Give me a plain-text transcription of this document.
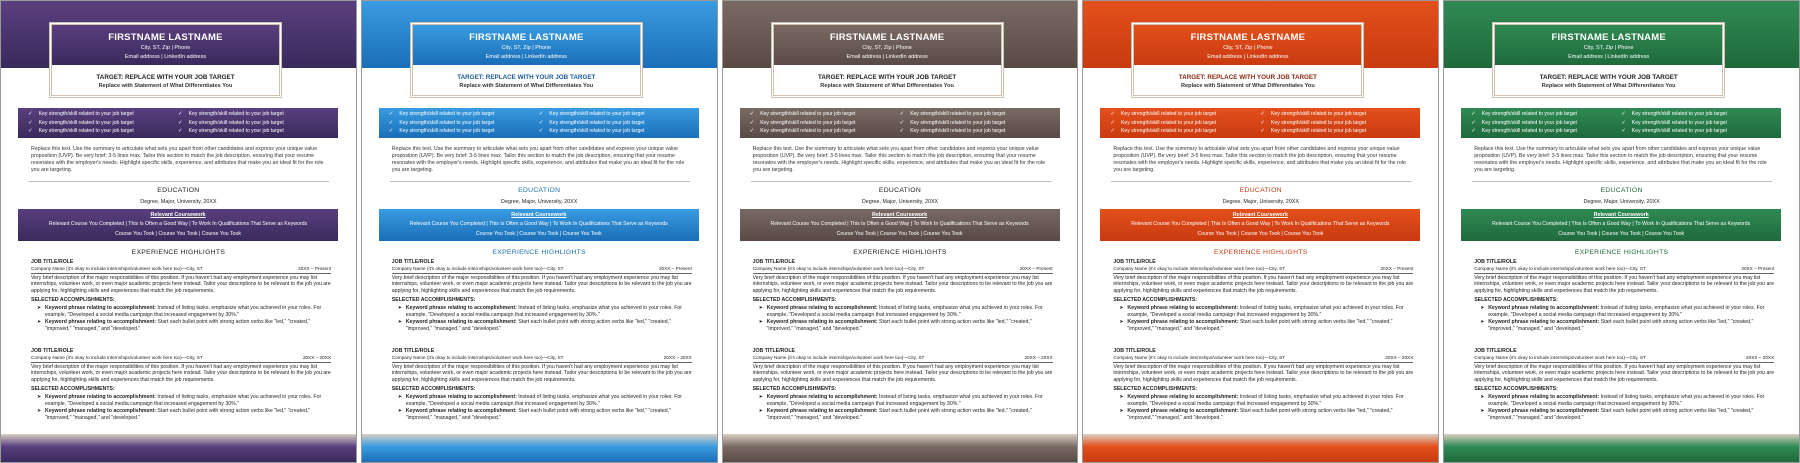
FIRSTNAME LASTNAME
City, ST, Zip | Phone
Email address | LinkedIn address
TARGET: REPLACE WITH YOUR JOB TARGET
Replace with Statement of What Differentiates You
✓ Key strength/skill related to your job target	✓ Key strength/skill related to your job target
✓ Key strength/skill related to your job target	✓ Key strength/skill related to your job target
✓ Key strength/skill related to your job target	✓ Key strength/skill related to your job target
Replace this text. Use the summary to articulate what sets you apart from other candidates and express your unique value proposition (UVP). Be very brief: 3-5 lines max. Tailor this section to match the job description, ensuring that your resume resonates with the employer's needs. Highlight specific skills, experience, and attributes that make you an ideal fit for the role you are targeting.
EDUCATION
Degree, Major, University, 20XX
Relevant Coursework
Relevant Course You Completed | This Is Often a Good Way | To Work In Qualifications That Serve as Keywords
Course You Took | Course You Took | Course You Took
EXPERIENCE HIGHLIGHTS
JOB TITLE/ROLE
Company Name (it's okay to include internships/volunteer work here too)—City, ST	20XX – Present
Very brief description of the major responsibilities of this position. If you haven't had any employment experience you may list internships, volunteer work, or even major academic projects here instead. Tailor your descriptions to be relevant to the job you are applying for, highlighting skills and experiences that match the job requirements.
SELECTED ACCOMPLISHMENTS:
➤ Keyword phrase relating to accomplishment: Instead of listing tasks, emphasize what you achieved in your roles. For example, "Developed a social media campaign that increased engagement by 30%."
➤ Keyword phrase relating to accomplishment: Start each bullet point with strong action verbs like "led," "created," "improved," "managed," and "developed."
JOB TITLE/ROLE
Company Name (it's okay to include internships/volunteer work here too)—City, ST	20XX – 20XX
Very brief description of the major responsibilities of this position. If you haven't had any employment experience you may list internships, volunteer work, or even major academic projects here instead. Tailor your descriptions to be relevant to the job you are applying for, highlighting skills and experiences that match the job requirements.
SELECTED ACCOMPLISHMENTS:
➤ Keyword phrase relating to accomplishment: Instead of listing tasks, emphasize what you achieved in your roles. For example, "Developed a social media campaign that increased engagement by 30%."
➤ Keyword phrase relating to accomplishment: Start each bullet point with strong action verbs like "led," "created," "improved," "managed," and "developed."
FIRSTNAME LASTNAME
City, ST, Zip | Phone
Email address | LinkedIn address
TARGET: REPLACE WITH YOUR JOB TARGET
Replace with Statement of What Differentiates You
✓ Key strength/skill related to your job target	✓ Key strength/skill related to your job target
✓ Key strength/skill related to your job target	✓ Key strength/skill related to your job target
✓ Key strength/skill related to your job target	✓ Key strength/skill related to your job target
Replace this text. Use the summary to articulate what sets you apart from other candidates and express your unique value proposition (UVP). Be very brief: 3-5 lines max. Tailor this section to match the job description, ensuring that your resume resonates with the employer's needs. Highlight specific skills, experience, and attributes that make you an ideal fit for the role you are targeting.
EDUCATION
Degree, Major, University, 20XX
Relevant Coursework
Relevant Course You Completed | This Is Often a Good Way | To Work In Qualifications That Serve as Keywords
Course You Took | Course You Took | Course You Took
EXPERIENCE HIGHLIGHTS
JOB TITLE/ROLE
Company Name (it's okay to include internships/volunteer work here too)—City, ST	20XX – Present
Very brief description of the major responsibilities of this position. If you haven't had any employment experience you may list internships, volunteer work, or even major academic projects here instead. Tailor your descriptions to be relevant to the job you are applying for, highlighting skills and experiences that match the job requirements.
SELECTED ACCOMPLISHMENTS:
➤ Keyword phrase relating to accomplishment: Instead of listing tasks, emphasize what you achieved in your roles. For example, "Developed a social media campaign that increased engagement by 30%."
➤ Keyword phrase relating to accomplishment: Start each bullet point with strong action verbs like "led," "created," "improved," "managed," and "developed."
JOB TITLE/ROLE
Company Name (it's okay to include internships/volunteer work here too)—City, ST	20XX – 20XX
Very brief description of the major responsibilities of this position. If you haven't had any employment experience you may list internships, volunteer work, or even major academic projects here instead. Tailor your descriptions to be relevant to the job you are applying for, highlighting skills and experiences that match the job requirements.
SELECTED ACCOMPLISHMENTS:
➤ Keyword phrase relating to accomplishment: Instead of listing tasks, emphasize what you achieved in your roles. For example, "Developed a social media campaign that increased engagement by 30%."
➤ Keyword phrase relating to accomplishment: Start each bullet point with strong action verbs like "led," "created," "improved," "managed," and "developed."
FIRSTNAME LASTNAME
City, ST, Zip | Phone
Email address | LinkedIn address
TARGET: REPLACE WITH YOUR JOB TARGET
Replace with Statement of What Differentiates You
✓ Key strength/skill related to your job target	✓ Key strength/skill related to your job target
✓ Key strength/skill related to your job target	✓ Key strength/skill related to your job target
✓ Key strength/skill related to your job target	✓ Key strength/skill related to your job target
Replace this text. Use the summary to articulate what sets you apart from other candidates and express your unique value proposition (UVP). Be very brief: 3-5 lines max. Tailor this section to match the job description, ensuring that your resume resonates with the employer's needs. Highlight specific skills, experience, and attributes that make you an ideal fit for the role you are targeting.
EDUCATION
Degree, Major, University, 20XX
Relevant Coursework
Relevant Course You Completed | This Is Often a Good Way | To Work In Qualifications That Serve as Keywords
Course You Took | Course You Took | Course You Took
EXPERIENCE HIGHLIGHTS
JOB TITLE/ROLE
Company Name (it's okay to include internships/volunteer work here too)—City, ST	20XX – Present
Very brief description of the major responsibilities of this position. If you haven't had any employment experience you may list internships, volunteer work, or even major academic projects here instead. Tailor your descriptions to be relevant to the job you are applying for, highlighting skills and experiences that match the job requirements.
SELECTED ACCOMPLISHMENTS:
➤ Keyword phrase relating to accomplishment: Instead of listing tasks, emphasize what you achieved in your roles. For example, "Developed a social media campaign that increased engagement by 30%."
➤ Keyword phrase relating to accomplishment: Start each bullet point with strong action verbs like "led," "created," "improved," "managed," and "developed."
JOB TITLE/ROLE
Company Name (it's okay to include internships/volunteer work here too)—City, ST	20XX – 20XX
Very brief description of the major responsibilities of this position. If you haven't had any employment experience you may list internships, volunteer work, or even major academic projects here instead. Tailor your descriptions to be relevant to the job you are applying for, highlighting skills and experiences that match the job requirements.
SELECTED ACCOMPLISHMENTS:
➤ Keyword phrase relating to accomplishment: Instead of listing tasks, emphasize what you achieved in your roles. For example, "Developed a social media campaign that increased engagement by 30%."
➤ Keyword phrase relating to accomplishment: Start each bullet point with strong action verbs like "led," "created," "improved," "managed," and "developed."
FIRSTNAME LASTNAME
City, ST, Zip | Phone
Email address | LinkedIn address
TARGET: REPLACE WITH YOUR JOB TARGET
Replace with Statement of What Differentiates You
✓ Key strength/skill related to your job target	✓ Key strength/skill related to your job target
✓ Key strength/skill related to your job target	✓ Key strength/skill related to your job target
✓ Key strength/skill related to your job target	✓ Key strength/skill related to your job target
Replace this text. Use the summary to articulate what sets you apart from other candidates and express your unique value proposition (UVP). Be very brief: 3-5 lines max. Tailor this section to match the job description, ensuring that your resume resonates with the employer's needs. Highlight specific skills, experience, and attributes that make you an ideal fit for the role you are targeting.
EDUCATION
Degree, Major, University, 20XX
Relevant Coursework
Relevant Course You Completed | This Is Often a Good Way | To Work In Qualifications That Serve as Keywords
Course You Took | Course You Took | Course You Took
EXPERIENCE HIGHLIGHTS
JOB TITLE/ROLE
Company Name (it's okay to include internships/volunteer work here too)—City, ST	20XX – Present
Very brief description of the major responsibilities of this position. If you haven't had any employment experience you may list internships, volunteer work, or even major academic projects here instead. Tailor your descriptions to be relevant to the job you are applying for, highlighting skills and experiences that match the job requirements.
SELECTED ACCOMPLISHMENTS:
➤ Keyword phrase relating to accomplishment: Instead of listing tasks, emphasize what you achieved in your roles. For example, "Developed a social media campaign that increased engagement by 30%."
➤ Keyword phrase relating to accomplishment: Start each bullet point with strong action verbs like "led," "created," "improved," "managed," and "developed."
JOB TITLE/ROLE
Company Name (it's okay to include internships/volunteer work here too)—City, ST	20XX – 20XX
Very brief description of the major responsibilities of this position. If you haven't had any employment experience you may list internships, volunteer work, or even major academic projects here instead. Tailor your descriptions to be relevant to the job you are applying for, highlighting skills and experiences that match the job requirements.
SELECTED ACCOMPLISHMENTS:
➤ Keyword phrase relating to accomplishment: Instead of listing tasks, emphasize what you achieved in your roles. For example, "Developed a social media campaign that increased engagement by 30%."
➤ Keyword phrase relating to accomplishment: Start each bullet point with strong action verbs like "led," "created," "improved," "managed," and "developed."
FIRSTNAME LASTNAME
City, ST, Zip | Phone
Email address | LinkedIn address
TARGET: REPLACE WITH YOUR JOB TARGET
Replace with Statement of What Differentiates You
✓ Key strength/skill related to your job target	✓ Key strength/skill related to your job target
✓ Key strength/skill related to your job target	✓ Key strength/skill related to your job target
✓ Key strength/skill related to your job target	✓ Key strength/skill related to your job target
Replace this text. Use the summary to articulate what sets you apart from other candidates and express your unique value proposition (UVP). Be very brief: 3-5 lines max. Tailor this section to match the job description, ensuring that your resume resonates with the employer's needs. Highlight specific skills, experience, and attributes that make you an ideal fit for the role you are targeting.
EDUCATION
Degree, Major, University, 20XX
Relevant Coursework
Relevant Course You Completed | This Is Often a Good Way | To Work In Qualifications That Serve as Keywords
Course You Took | Course You Took | Course You Took
EXPERIENCE HIGHLIGHTS
JOB TITLE/ROLE
Company Name (it's okay to include internships/volunteer work here too)—City, ST	20XX – Present
Very brief description of the major responsibilities of this position. If you haven't had any employment experience you may list internships, volunteer work, or even major academic projects here instead. Tailor your descriptions to be relevant to the job you are applying for, highlighting skills and experiences that match the job requirements.
SELECTED ACCOMPLISHMENTS:
➤ Keyword phrase relating to accomplishment: Instead of listing tasks, emphasize what you achieved in your roles. For example, "Developed a social media campaign that increased engagement by 30%."
➤ Keyword phrase relating to accomplishment: Start each bullet point with strong action verbs like "led," "created," "improved," "managed," and "developed."
JOB TITLE/ROLE
Company Name (it's okay to include internships/volunteer work here too)—City, ST	20XX – 20XX
Very brief description of the major responsibilities of this position. If you haven't had any employment experience you may list internships, volunteer work, or even major academic projects here instead. Tailor your descriptions to be relevant to the job you are applying for, highlighting skills and experiences that match the job requirements.
SELECTED ACCOMPLISHMENTS:
➤ Keyword phrase relating to accomplishment: Instead of listing tasks, emphasize what you achieved in your roles. For example, "Developed a social media campaign that increased engagement by 30%."
➤ Keyword phrase relating to accomplishment: Start each bullet point with strong action verbs like "led," "created," "improved," "managed," and "developed."
